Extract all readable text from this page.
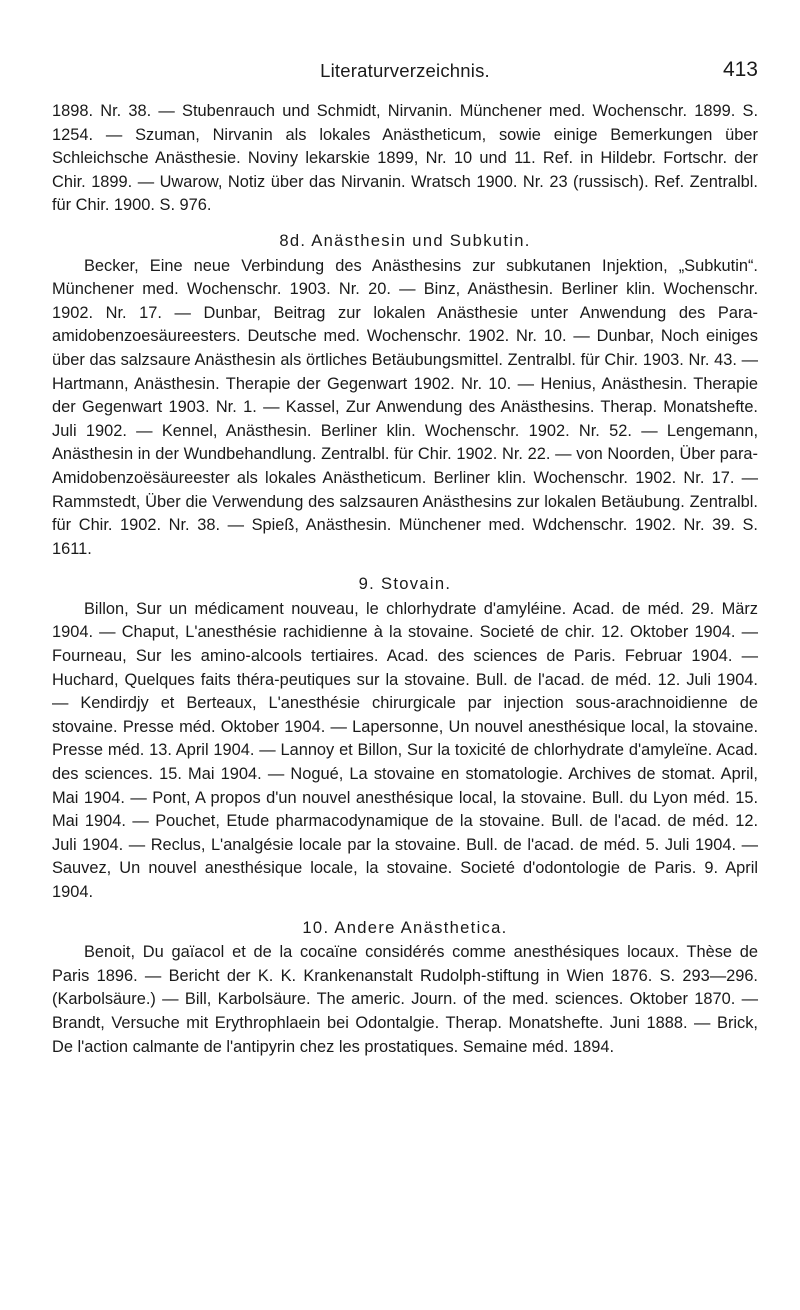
Literaturverzeichnis.	413

1898. Nr. 38. — Stubenrauch und Schmidt, Nirvanin. Münchener med. Wochenschr. 1899. S. 1254. — Szuman, Nirvanin als lokales Anästheticum, sowie einige Bemerkungen über Schleichsche Anästhesie. Noviny lekarskie 1899, Nr. 10 und 11. Ref. in Hildebr. Fortschr. der Chir. 1899. — Uwarow, Notiz über das Nirvanin. Wratsch 1900. Nr. 23 (russisch). Ref. Zentralbl. für Chir. 1900. S. 976.

8d. Anästhesin und Subkutin.

Becker, Eine neue Verbindung des Anästhesins zur subkutanen Injektion, „Subkutin“. Münchener med. Wochenschr. 1903. Nr. 20. — Binz, Anästhesin. Berliner klin. Wochenschr. 1902. Nr. 17. — Dunbar, Beitrag zur lokalen Anästhesie unter Anwendung des Para-amidobenzoesäureesters. Deutsche med. Wochenschr. 1902. Nr. 10. — Dunbar, Noch einiges über das salzsaure Anästhesin als örtliches Betäubungsmittel. Zentralbl. für Chir. 1903. Nr. 43. — Hartmann, Anästhesin. Therapie der Gegenwart 1902. Nr. 10. — Henius, Anästhesin. Therapie der Gegenwart 1903. Nr. 1. — Kassel, Zur Anwendung des Anästhesins. Therap. Monatshefte. Juli 1902. — Kennel, Anästhesin. Berliner klin. Wochenschr. 1902. Nr. 52. — Lengemann, Anästhesin in der Wundbehandlung. Zentralbl. für Chir. 1902. Nr. 22. — von Noorden, Über para-Amidobenzoësäureester als lokales Anästheticum. Berliner klin. Wochenschr. 1902. Nr. 17. — Rammstedt, Über die Verwendung des salzsauren Anästhesins zur lokalen Betäubung. Zentralbl. für Chir. 1902. Nr. 38. — Spieß, Anästhesin. Münchener med. Wdchenschr. 1902. Nr. 39. S. 1611.

9. Stovain.

Billon, Sur un médicament nouveau, le chlorhydrate d'amyléine. Acad. de méd. 29. März 1904. — Chaput, L'anesthésie rachidienne à la stovaine. Societé de chir. 12. Oktober 1904. — Fourneau, Sur les amino-alcools tertiaires. Acad. des sciences de Paris. Februar 1904. — Huchard, Quelques faits théra-peutiques sur la stovaine. Bull. de l'acad. de méd. 12. Juli 1904. — Kendirdjy et Berteaux, L'anesthésie chirurgicale par injection sous-arachnoidienne de stovaine. Presse méd. Oktober 1904. — Lapersonne, Un nouvel anesthésique local, la stovaine. Presse méd. 13. April 1904. — Lannoy et Billon, Sur la toxicité de chlorhydrate d'amyleïne. Acad. des sciences. 15. Mai 1904. — Nogué, La stovaine en stomatologie. Archives de stomat. April, Mai 1904. — Pont, A propos d'un nouvel anesthésique local, la stovaine. Bull. du Lyon méd. 15. Mai 1904. — Pouchet, Etude pharmacodynamique de la stovaine. Bull. de l'acad. de méd. 12. Juli 1904. — Reclus, L'analgésie locale par la stovaine. Bull. de l'acad. de méd. 5. Juli 1904. — Sauvez, Un nouvel anesthésique locale, la stovaine. Societé d'odontologie de Paris. 9. April 1904.

10. Andere Anästhetica.

Benoit, Du gaïacol et de la cocaïne considérés comme anesthésiques locaux. Thèse de Paris 1896. — Bericht der K. K. Krankenanstalt Rudolph-stiftung in Wien 1876. S. 293—296. (Karbolsäure.) — Bill, Karbolsäure. The americ. Journ. of the med. sciences. Oktober 1870. — Brandt, Versuche mit Erythrophlaein bei Odontalgie. Therap. Monatshefte. Juni 1888. — Brick, De l'action calmante de l'antipyrin chez les prostatiques. Semaine méd. 1894.
